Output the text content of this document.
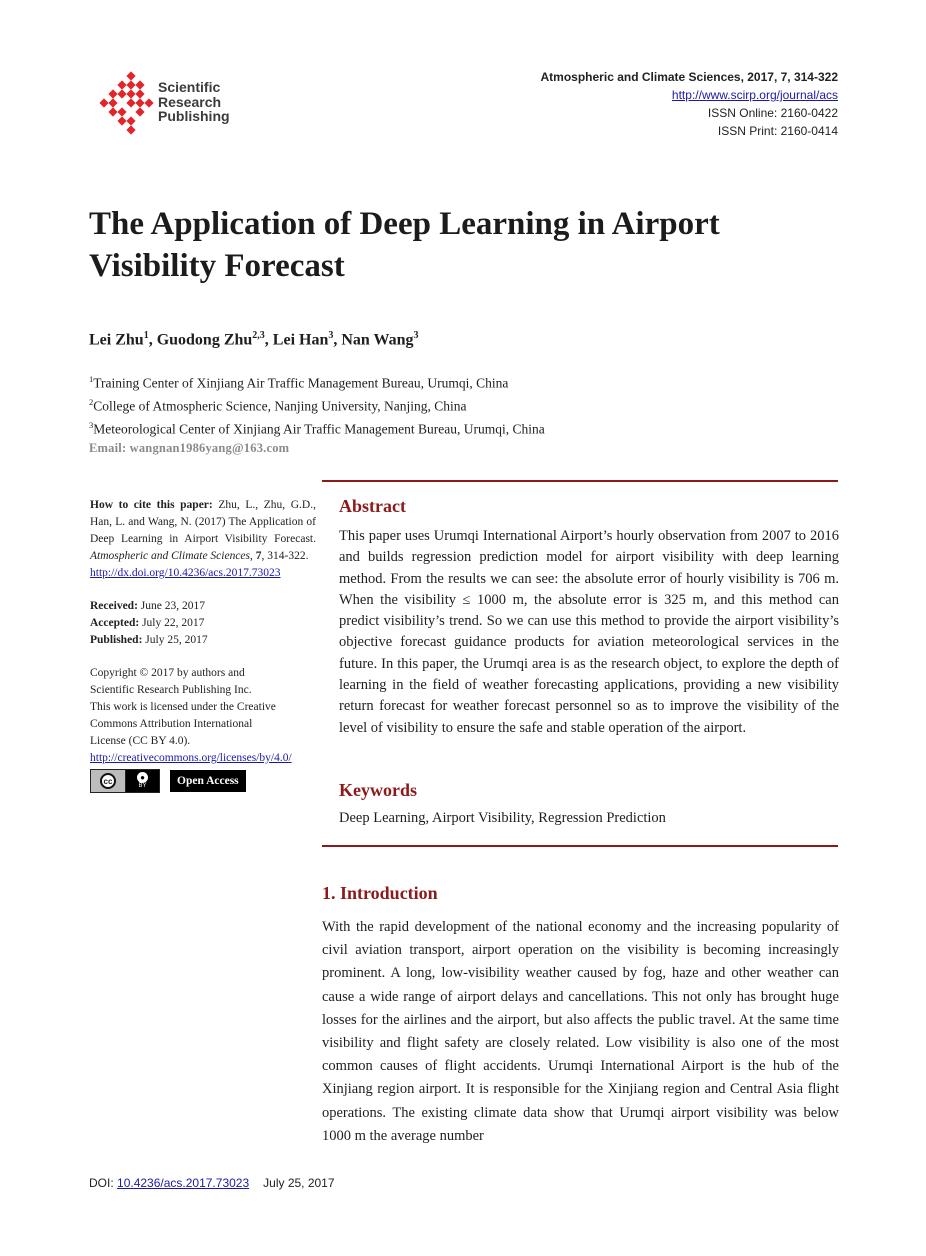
Scientific
Research
Publishing
Atmospheric and Climate Sciences, 2017, 7, 314-322
http://www.scirp.org/journal/acs
ISSN Online: 2160-0422
ISSN Print: 2160-0414
The Application of Deep Learning in Airport Visibility Forecast
Lei Zhu$^1$, Guodong Zhu$^{2,3}$, Lei Han$^3$, Nan Wang$^3$
$^1$Training Center of Xinjiang Air Traffic Management Bureau, Urumqi, China
$^2$College of Atmospheric Science, Nanjing University, Nanjing, China
$^3$Meteorological Center of Xinjiang Air Traffic Management Bureau, Urumqi, China
Email: wangnan1986yang@163.com
How to cite this paper: Zhu, L., Zhu, G.D., Han, L. and Wang, N. (2017) The Application of Deep Learning in Airport Visibility Forecast. Atmospheric and Climate Sciences, 7, 314-322.
http://dx.doi.org/10.4236/acs.2017.73023
Received: June 23, 2017
Accepted: July 22, 2017
Published: July 25, 2017
Copyright © 2017 by authors and Scientific Research Publishing Inc.
This work is licensed under the Creative Commons Attribution International License (CC BY 4.0).
http://creativecommons.org/licenses/by/4.0/
cc	●
BY	Open Access
Abstract
This paper uses Urumqi International Airport’s hourly observation from 2007 to 2016 and builds regression prediction model for airport visibility with deep learning method. From the results we can see: the absolute error of hourly visibility is 706 m. When the visibility ≤ 1000 m, the absolute error is 325 m, and this method can predict visibility’s trend. So we can use this method to provide the airport visibility’s objective forecast guidance products for aviation meteorological services in the future. In this paper, the Urumqi area is as the research object, to explore the depth of learning in the field of weather forecasting applications, providing a new visibility return forecast for weather forecast personnel so as to improve the visibility of the level of visibility to ensure the safe and stable operation of the airport.
Keywords
Deep Learning, Airport Visibility, Regression Prediction
1. Introduction
With the rapid development of the national economy and the increasing popularity of civil aviation transport, airport operation on the visibility is becoming increasingly prominent. A long, low-visibility weather caused by fog, haze and other weather can cause a wide range of airport delays and cancellations. This not only has brought huge losses for the airlines and the airport, but also affects the public travel. At the same time visibility and flight safety are closely related. Low visibility is also one of the most common causes of flight accidents. Urumqi International Airport is the hub of the Xinjiang region airport. It is responsible for the Xinjiang region and Central Asia flight operations. The existing climate data show that Urumqi airport visibility was below 1000 m the average number
DOI: 10.4236/acs.2017.73023 July 25, 2017
